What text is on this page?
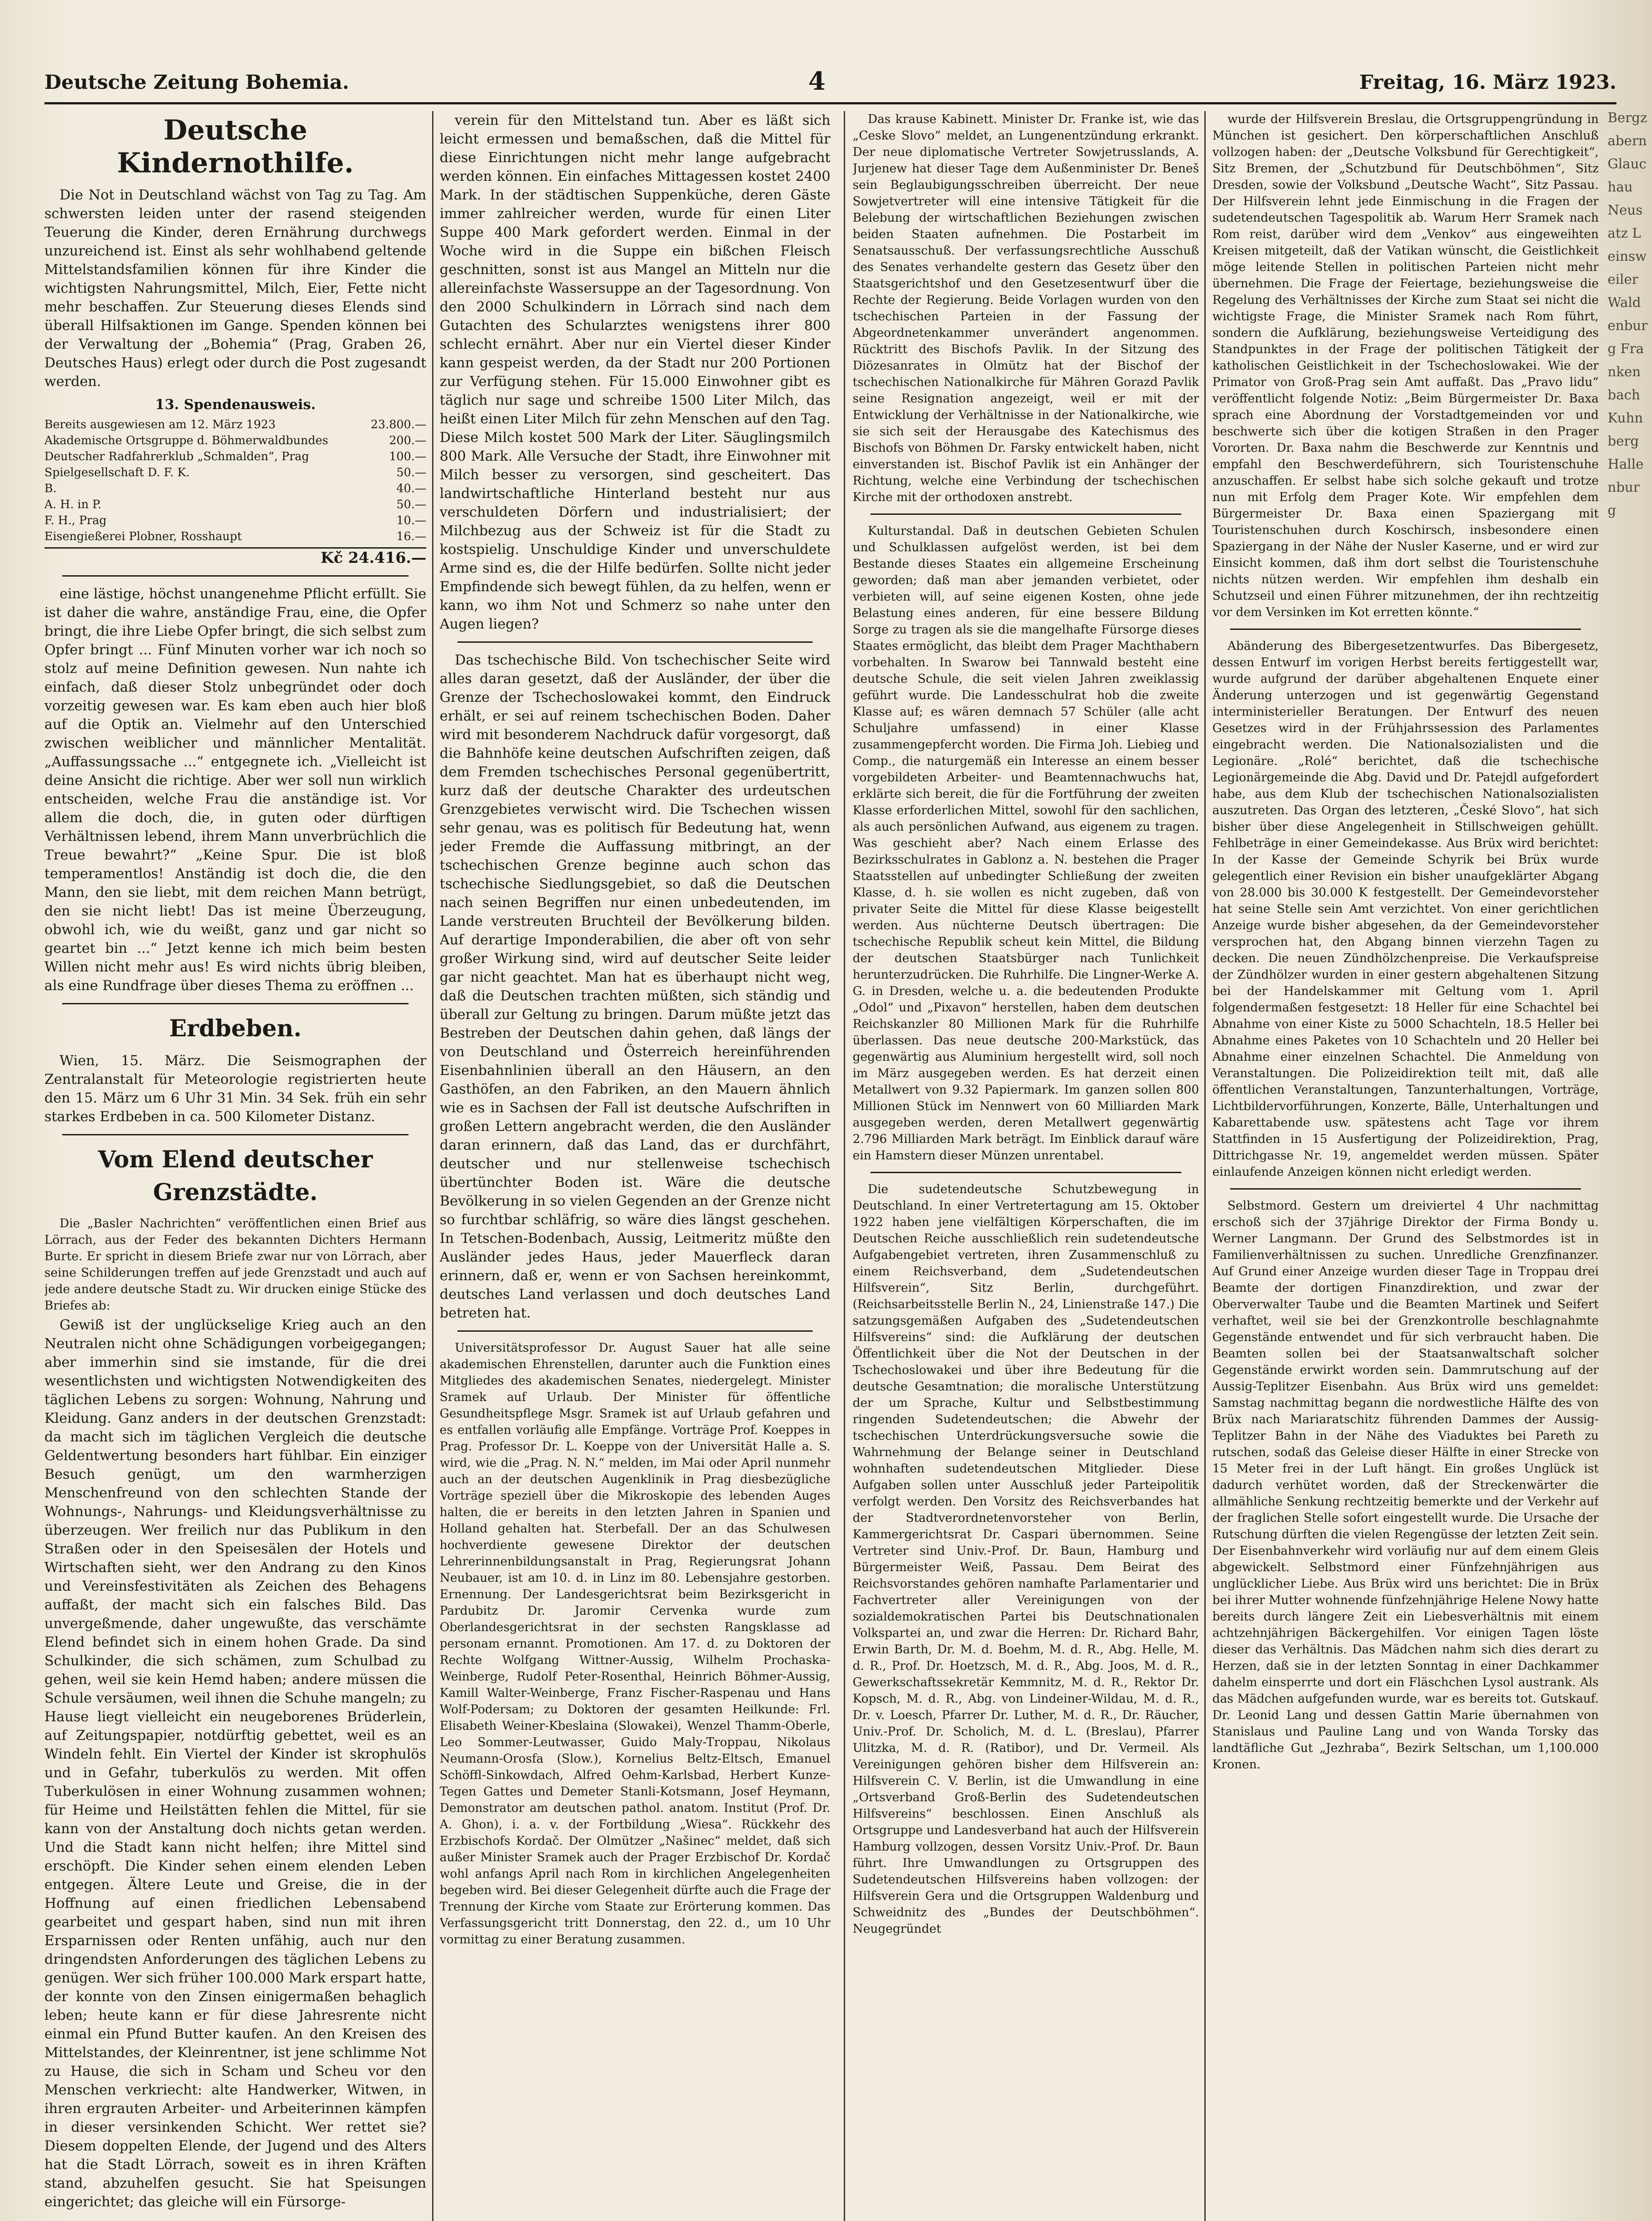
Deutsche Zeitung Bohemia.	4	Freitag, 16. März 1923.
Deutsche Kindernothilfe.
Die Not in Deutschland wächst von Tag zu Tag. Am schwersten leiden unter der rasend steigenden Teuerung die Kinder, deren Ernährung durchwegs unzureichend ist. Einst als sehr wohlhabend geltende Mittelstandsfamilien können für ihre Kinder die wichtigsten Nahrungsmittel, Milch, Eier, Fette nicht mehr beschaffen. Zur Steuerung dieses Elends sind überall Hilfsaktionen im Gange. Spenden können bei der Verwaltung der „Bohemia“ (Prag, Graben 26, Deutsches Haus) erlegt oder durch die Post zugesandt werden.
13. Spendenausweis.
Bereits ausgewiesen am 12. März 1923	23.800.—
Akademische Ortsgruppe d. Böhmerwaldbundes	200.—
Deutscher Radfahrerklub „Schmalden“, Prag	100.—
Spielgesellschaft D. F. K.	50.—
B.	40.—
A. H. in P.	50.—
F. H., Prag	10.—
Eisengießerei Plobner, Rosshaupt	16.—
Kč 24.416.—
eine lästige, höchst unangenehme Pflicht erfüllt. Sie ist daher die wahre, anständige Frau, eine, die Opfer bringt, die ihre Liebe Opfer bringt, die sich selbst zum Opfer bringt ... Fünf Minuten vorher war ich noch so stolz auf meine Definition gewesen. Nun nahte ich einfach, daß dieser Stolz unbegründet oder doch vorzeitig gewesen war. Es kam eben auch hier bloß auf die Optik an. Vielmehr auf den Unterschied zwischen weiblicher und männlicher Mentalität. „Auffassungssache ...“ entgegnete ich. „Vielleicht ist deine Ansicht die richtige. Aber wer soll nun wirklich entscheiden, welche Frau die anständige ist. Vor allem die doch, die, in guten oder dürftigen Verhältnissen lebend, ihrem Mann unverbrüchlich die Treue bewahrt?“ „Keine Spur. Die ist bloß temperamentlos! Anständig ist doch die, die den Mann, den sie liebt, mit dem reichen Mann betrügt, den sie nicht liebt! Das ist meine Überzeugung, obwohl ich, wie du weißt, ganz und gar nicht so geartet bin ...“ Jetzt kenne ich mich beim besten Willen nicht mehr aus! Es wird nichts übrig bleiben, als eine Rundfrage über dieses Thema zu eröffnen ...
Erdbeben.
Wien, 15. März. Die Seismographen der Zentralanstalt für Meteorologie registrierten heute den 15. März um 6 Uhr 31 Min. 34 Sek. früh ein sehr starkes Erdbeben in ca. 500 Kilometer Distanz.
Vom Elend deutscher Grenzstädte.
Die „Basler Nachrichten“ veröffentlichen einen Brief aus Lörrach, aus der Feder des bekannten Dichters Hermann Burte. Er spricht in diesem Briefe zwar nur von Lörrach, aber seine Schilderungen treffen auf jede Grenzstadt und auch auf jede andere deutsche Stadt zu. Wir drucken einige Stücke des Briefes ab:
Gewiß ist der unglückselige Krieg auch an den Neutralen nicht ohne Schädigungen vorbeigegangen; aber immerhin sind sie imstande, für die drei wesentlichsten und wichtigsten Notwendigkeiten des täglichen Lebens zu sorgen: Wohnung, Nahrung und Kleidung. Ganz anders in der deutschen Grenzstadt: da macht sich im täglichen Vergleich die deutsche Geldentwertung besonders hart fühlbar. Ein einziger Besuch genügt, um den warmherzigen Menschenfreund von den schlechten Stande der Wohnungs-, Nahrungs- und Kleidungsverhältnisse zu überzeugen. Wer freilich nur das Publikum in den Straßen oder in den Speisesälen der Hotels und Wirtschaften sieht, wer den Andrang zu den Kinos und Vereinsfestivitäten als Zeichen des Behagens auffaßt, der macht sich ein falsches Bild. Das unvergeßmende, daher ungewußte, das verschämte Elend befindet sich in einem hohen Grade. Da sind Schulkinder, die sich schämen, zum Schulbad zu gehen, weil sie kein Hemd haben; andere müssen die Schule versäumen, weil ihnen die Schuhe mangeln; zu Hause liegt vielleicht ein neugeborenes Brüderlein, auf Zeitungspapier, notdürftig gebettet, weil es an Windeln fehlt. Ein Viertel der Kinder ist skrophulös und in Gefahr, tuberkulös zu werden. Mit offen Tuberkulösen in einer Wohnung zusammen wohnen; für Heime und Heilstätten fehlen die Mittel, für sie kann von der Anstaltung doch nichts getan werden. Und die Stadt kann nicht helfen; ihre Mittel sind erschöpft. Die Kinder sehen einem elenden Leben entgegen. Ältere Leute und Greise, die in der Hoffnung auf einen friedlichen Lebensabend gearbeitet und gespart haben, sind nun mit ihren Ersparnissen oder Renten unfähig, auch nur den dringendsten Anforderungen des täglichen Lebens zu genügen. Wer sich früher 100.000 Mark erspart hatte, der konnte von den Zinsen einigermaßen behaglich leben; heute kann er für diese Jahresrente nicht einmal ein Pfund Butter kaufen. An den Kreisen des Mittelstandes, der Kleinrentner, ist jene schlimme Not zu Hause, die sich in Scham und Scheu vor den Menschen verkriecht: alte Handwerker, Witwen, in ihren ergrauten Arbeiter- und Arbeiterinnen kämpfen in dieser versinkenden Schicht. Wer rettet sie? Diesem doppelten Elende, der Jugend und des Alters hat die Stadt Lörrach, soweit es in ihren Kräften stand, abzuhelfen gesucht. Sie hat Speisungen eingerichtet; das gleiche will ein Fürsorge-
verein für den Mittelstand tun. Aber es läßt sich leicht ermessen und bemaßschen, daß die Mittel für diese Einrichtungen nicht mehr lange aufgebracht werden können. Ein einfaches Mittagessen kostet 2400 Mark. In der städtischen Suppenküche, deren Gäste immer zahlreicher werden, wurde für einen Liter Suppe 400 Mark gefordert werden. Einmal in der Woche wird in die Suppe ein bißchen Fleisch geschnitten, sonst ist aus Mangel an Mitteln nur die allereinfachste Wassersuppe an der Tagesordnung. Von den 2000 Schulkindern in Lörrach sind nach dem Gutachten des Schularztes wenigstens ihrer 800 schlecht ernährt. Aber nur ein Viertel dieser Kinder kann gespeist werden, da der Stadt nur 200 Portionen zur Verfügung stehen. Für 15.000 Einwohner gibt es täglich nur sage und schreibe 1500 Liter Milch, das heißt einen Liter Milch für zehn Menschen auf den Tag. Diese Milch kostet 500 Mark der Liter. Säuglingsmilch 800 Mark. Alle Versuche der Stadt, ihre Einwohner mit Milch besser zu versorgen, sind gescheitert. Das landwirtschaftliche Hinterland besteht nur aus verschuldeten Dörfern und industrialisiert; der Milchbezug aus der Schweiz ist für die Stadt zu kostspielig. Unschuldige Kinder und unverschuldete Arme sind es, die der Hilfe bedürfen. Sollte nicht jeder Empfindende sich bewegt fühlen, da zu helfen, wenn er kann, wo ihm Not und Schmerz so nahe unter den Augen liegen?
Das tschechische Bild. Von tschechischer Seite wird alles daran gesetzt, daß der Ausländer, der über die Grenze der Tschechoslowakei kommt, den Eindruck erhält, er sei auf reinem tschechischen Boden. Daher wird mit besonderem Nachdruck dafür vorgesorgt, daß die Bahnhöfe keine deutschen Aufschriften zeigen, daß dem Fremden tschechisches Personal gegenübertritt, kurz daß der deutsche Charakter des urdeutschen Grenzgebietes verwischt wird. Die Tschechen wissen sehr genau, was es politisch für Bedeutung hat, wenn jeder Fremde die Auffassung mitbringt, an der tschechischen Grenze beginne auch schon das tschechische Siedlungsgebiet, so daß die Deutschen nach seinen Begriffen nur einen unbedeutenden, im Lande verstreuten Bruchteil der Bevölkerung bilden. Auf derartige Imponderabilien, die aber oft von sehr großer Wirkung sind, wird auf deutscher Seite leider gar nicht geachtet. Man hat es überhaupt nicht weg, daß die Deutschen trachten müßten, sich ständig und überall zur Geltung zu bringen. Darum müßte jetzt das Bestreben der Deutschen dahin gehen, daß längs der von Deutschland und Österreich hereinführenden Eisenbahnlinien überall an den Häusern, an den Gasthöfen, an den Fabriken, an den Mauern ähnlich wie es in Sachsen der Fall ist deutsche Aufschriften in großen Lettern angebracht werden, die den Ausländer daran erinnern, daß das Land, das er durchfährt, deutscher und nur stellenweise tschechisch übertünchter Boden ist. Wäre die deutsche Bevölkerung in so vielen Gegenden an der Grenze nicht so furchtbar schläfrig, so wäre dies längst geschehen. In Tetschen-Bodenbach, Aussig, Leitmeritz müßte den Ausländer jedes Haus, jeder Mauerfleck daran erinnern, daß er, wenn er von Sachsen hereinkommt, deutsches Land verlassen und doch deutsches Land betreten hat.
Universitätsprofessor Dr. August Sauer hat alle seine akademischen Ehrenstellen, darunter auch die Funktion eines Mitgliedes des akademischen Senates, niedergelegt. Minister Sramek auf Urlaub. Der Minister für öffentliche Gesundheitspflege Msgr. Sramek ist auf Urlaub gefahren und es entfallen vorläufig alle Empfänge. Vorträge Prof. Koeppes in Prag. Professor Dr. L. Koeppe von der Universität Halle a. S. wird, wie die „Prag. N. N.“ melden, im Mai oder April nunmehr auch an der deutschen Augenklinik in Prag diesbezügliche Vorträge speziell über die Mikroskopie des lebenden Auges halten, die er bereits in den letzten Jahren in Spanien und Holland gehalten hat. Sterbefall. Der an das Schulwesen hochverdiente gewesene Direktor der deutschen Lehrerinnenbildungsanstalt in Prag, Regierungsrat Johann Neubauer, ist am 10. d. in Linz im 80. Lebensjahre gestorben. Ernennung. Der Landesgerichtsrat beim Bezirksgericht in Pardubitz Dr. Jaromir Cervenka wurde zum Oberlandesgerichtsrat in der sechsten Rangsklasse ad personam ernannt. Promotionen. Am 17. d. zu Doktoren der Rechte Wolfgang Wittner-Aussig, Wilhelm Prochaska-Weinberge, Rudolf Peter-Rosenthal, Heinrich Böhmer-Aussig, Kamill Walter-Weinberge, Franz Fischer-Raspenau und Hans Wolf-Podersam; zu Doktoren der gesamten Heilkunde: Frl. Elisabeth Weiner-Kbeslaina (Slowakei), Wenzel Thamm-Oberle, Leo Sommer-Leutwasser, Guido Maly-Troppau, Nikolaus Neumann-Orosfa (Slow.), Kornelius Beltz-Eltsch, Emanuel Schöffl-Sinkowdach, Alfred Oehm-Karlsbad, Herbert Kunze-Tegen Gattes und Demeter Stanli-Kotsmann, Josef Heymann, Demonstrator am deutschen pathol. anatom. Institut (Prof. Dr. A. Ghon), i. a. v. der Fortbildung „Wiesa“. Rückkehr des Erzbischofs Kordač. Der Olmützer „Našinec“ meldet, daß sich außer Minister Sramek auch der Prager Erzbischof Dr. Kordač wohl anfangs April nach Rom in kirchlichen Angelegenheiten begeben wird. Bei dieser Gelegenheit dürfte auch die Frage der Trennung der Kirche vom Staate zur Erörterung kommen. Das Verfassungsgericht tritt Donnerstag, den 22. d., um 10 Uhr vormittag zu einer Beratung zusammen.
Das krause Kabinett. Minister Dr. Franke ist, wie das „Ceske Slovo“ meldet, an Lungenentzündung erkrankt. Der neue diplomatische Vertreter Sowjetrusslands, A. Jurjenew hat dieser Tage dem Außenminister Dr. Beneš sein Beglaubigungsschreiben überreicht. Der neue Sowjetvertreter will eine intensive Tätigkeit für die Belebung der wirtschaftlichen Beziehungen zwischen beiden Staaten aufnehmen. Die Postarbeit im Senatsausschuß. Der verfassungsrechtliche Ausschuß des Senates verhandelte gestern das Gesetz über den Staatsgerichtshof und den Gesetzesentwurf über die Rechte der Regierung. Beide Vorlagen wurden von den tschechischen Parteien in der Fassung der Abgeordnetenkammer unverändert angenommen. Rücktritt des Bischofs Pavlik. In der Sitzung des Diözesanrates in Olmütz hat der Bischof der tschechischen Nationalkirche für Mähren Gorazd Pavlik seine Resignation angezeigt, weil er mit der Entwicklung der Verhältnisse in der Nationalkirche, wie sie sich seit der Herausgabe des Katechismus des Bischofs von Böhmen Dr. Farsky entwickelt haben, nicht einverstanden ist. Bischof Pavlik ist ein Anhänger der Richtung, welche eine Verbindung der tschechischen Kirche mit der orthodoxen anstrebt.
Kulturstandal. Daß in deutschen Gebieten Schulen und Schulklassen aufgelöst werden, ist bei dem Bestande dieses Staates ein allgemeine Erscheinung geworden; daß man aber jemanden verbietet, oder verbieten will, auf seine eigenen Kosten, ohne jede Belastung eines anderen, für eine bessere Bildung Sorge zu tragen als sie die mangelhafte Fürsorge dieses Staates ermöglicht, das bleibt dem Prager Machthabern vorbehalten. In Swarow bei Tannwald besteht eine deutsche Schule, die seit vielen Jahren zweiklassig geführt wurde. Die Landesschulrat hob die zweite Klasse auf; es wären demnach 57 Schüler (alle acht Schuljahre umfassend) in einer Klasse zusammengepfercht worden. Die Firma Joh. Liebieg und Comp., die naturgemäß ein Interesse an einem besser vorgebildeten Arbeiter- und Beamtennachwuchs hat, erklärte sich bereit, die für die Fortführung der zweiten Klasse erforderlichen Mittel, sowohl für den sachlichen, als auch persönlichen Aufwand, aus eigenem zu tragen. Was geschieht aber? Nach einem Erlasse des Bezirksschulrates in Gablonz a. N. bestehen die Prager Staatsstellen auf unbedingter Schließung der zweiten Klasse, d. h. sie wollen es nicht zugeben, daß von privater Seite die Mittel für diese Klasse beigestellt werden. Aus nüchterne Deutsch übertragen: Die tschechische Republik scheut kein Mittel, die Bildung der deutschen Staatsbürger nach Tunlichkeit herunterzudrücken. Die Ruhrhilfe. Die Lingner-Werke A. G. in Dresden, welche u. a. die bedeutenden Produkte „Odol“ und „Pixavon“ herstellen, haben dem deutschen Reichskanzler 80 Millionen Mark für die Ruhrhilfe überlassen. Das neue deutsche 200-Markstück, das gegenwärtig aus Aluminium hergestellt wird, soll noch im März ausgegeben werden. Es hat derzeit einen Metallwert von 9.32 Papiermark. Im ganzen sollen 800 Millionen Stück im Nennwert von 60 Milliarden Mark ausgegeben werden, deren Metallwert gegenwärtig 2.796 Milliarden Mark beträgt. Im Einblick darauf wäre ein Hamstern dieser Münzen unrentabel.
Die sudetendeutsche Schutzbewegung in Deutschland. In einer Vertretertagung am 15. Oktober 1922 haben jene vielfältigen Körperschaften, die im Deutschen Reiche ausschließlich rein sudetendeutsche Aufgabengebiet vertreten, ihren Zusammenschluß zu einem Reichsverband, dem „Sudetendeutschen Hilfsverein“, Sitz Berlin, durchgeführt. (Reichsarbeitsstelle Berlin N., 24, Linienstraße 147.) Die satzungsgemäßen Aufgaben des „Sudetendeutschen Hilfsvereins“ sind: die Aufklärung der deutschen Öffentlichkeit über die Not der Deutschen in der Tschechoslowakei und über ihre Bedeutung für die deutsche Gesamtnation; die moralische Unterstützung der um Sprache, Kultur und Selbstbestimmung ringenden Sudetendeutschen; die Abwehr der tschechischen Unterdrückungsversuche sowie die Wahrnehmung der Belange seiner in Deutschland wohnhaften sudetendeutschen Mitglieder. Diese Aufgaben sollen unter Ausschluß jeder Parteipolitik verfolgt werden. Den Vorsitz des Reichsverbandes hat der Stadtverordnetenvorsteher von Berlin, Kammergerichtsrat Dr. Caspari übernommen. Seine Vertreter sind Univ.-Prof. Dr. Baun, Hamburg und Bürgermeister Weiß, Passau. Dem Beirat des Reichsvorstandes gehören namhafte Parlamentarier und Fachvertreter aller Vereinigungen von der sozialdemokratischen Partei bis Deutschnationalen Volkspartei an, und zwar die Herren: Dr. Richard Bahr, Erwin Barth, Dr. M. d. Boehm, M. d. R., Abg. Helle, M. d. R., Prof. Dr. Hoetzsch, M. d. R., Abg. Joos, M. d. R., Gewerkschaftssekretär Kemmnitz, M. d. R., Rektor Dr. Kopsch, M. d. R., Abg. von Lindeiner-Wildau, M. d. R., Dr. v. Loesch, Pfarrer Dr. Luther, M. d. R., Dr. Räucher, Univ.-Prof. Dr. Scholich, M. d. L. (Breslau), Pfarrer Ulitzka, M. d. R. (Ratibor), und Dr. Vermeil. Als Vereinigungen gehören bisher dem Hilfsverein an: Hilfsverein C. V. Berlin, ist die Umwandlung in eine „Ortsverband Groß-Berlin des Sudetendeutschen Hilfsvereins“ beschlossen. Einen Anschluß als Ortsgruppe und Landesverband hat auch der Hilfsverein Hamburg vollzogen, dessen Vorsitz Univ.-Prof. Dr. Baun führt. Ihre Umwandlungen zu Ortsgruppen des Sudetendeutschen Hilfsvereins haben vollzogen: der Hilfsverein Gera und die Ortsgruppen Waldenburg und Schweidnitz des „Bundes der Deutschböhmen“. Neugegründet
wurde der Hilfsverein Breslau, die Ortsgruppengründung in München ist gesichert. Den körperschaftlichen Anschluß vollzogen haben: der „Deutsche Volksbund für Gerechtigkeit“, Sitz Bremen, der „Schutzbund für Deutschböhmen“, Sitz Dresden, sowie der Volksbund „Deutsche Wacht“, Sitz Passau. Der Hilfsverein lehnt jede Einmischung in die Fragen der sudetendeutschen Tagespolitik ab. Warum Herr Sramek nach Rom reist, darüber wird dem „Venkov“ aus eingeweihten Kreisen mitgeteilt, daß der Vatikan wünscht, die Geistlichkeit möge leitende Stellen in politischen Parteien nicht mehr übernehmen. Die Frage der Feiertage, beziehungsweise die Regelung des Verhältnisses der Kirche zum Staat sei nicht die wichtigste Frage, die Minister Sramek nach Rom führt, sondern die Aufklärung, beziehungsweise Verteidigung des Standpunktes in der Frage der politischen Tätigkeit der katholischen Geistlichkeit in der Tschechoslowakei. Wie der Primator von Groß-Prag sein Amt auffaßt. Das „Pravo lidu“ veröffentlicht folgende Notiz: „Beim Bürgermeister Dr. Baxa sprach eine Abordnung der Vorstadtgemeinden vor und beschwerte sich über die kotigen Straßen in den Prager Vororten. Dr. Baxa nahm die Beschwerde zur Kenntnis und empfahl den Beschwerdeführern, sich Touristenschuhe anzuschaffen. Er selbst habe sich solche gekauft und trotze nun mit Erfolg dem Prager Kote. Wir empfehlen dem Bürgermeister Dr. Baxa einen Spaziergang mit Touristenschuhen durch Koschirsch, insbesondere einen Spaziergang in der Nähe der Nusler Kaserne, und er wird zur Einsicht kommen, daß ihm dort selbst die Touristenschuhe nichts nützen werden. Wir empfehlen ihm deshalb ein Schutzseil und einen Führer mitzunehmen, der ihn rechtzeitig vor dem Versinken im Kot erretten könnte.“
Abänderung des Bibergesetzentwurfes. Das Bibergesetz, dessen Entwurf im vorigen Herbst bereits fertiggestellt war, wurde aufgrund der darüber abgehaltenen Enquete einer Änderung unterzogen und ist gegenwärtig Gegenstand interministerieller Beratungen. Der Entwurf des neuen Gesetzes wird in der Frühjahrssession des Parlamentes eingebracht werden. Die Nationalsozialisten und die Legionäre. „Rolé“ berichtet, daß die tschechische Legionärgemeinde die Abg. David und Dr. Patejdl aufgefordert habe, aus dem Klub der tschechischen Nationalsozialisten auszutreten. Das Organ des letzteren, „České Slovo“, hat sich bisher über diese Angelegenheit in Stillschweigen gehüllt. Fehlbeträge in einer Gemeindekasse. Aus Brüx wird berichtet: In der Kasse der Gemeinde Schyrik bei Brüx wurde gelegentlich einer Revision ein bisher unaufgeklärter Abgang von 28.000 bis 30.000 K festgestellt. Der Gemeindevorsteher hat seine Stelle sein Amt verzichtet. Von einer gerichtlichen Anzeige wurde bisher abgesehen, da der Gemeindevorsteher versprochen hat, den Abgang binnen vierzehn Tagen zu decken. Die neuen Zündhölzchenpreise. Die Verkaufspreise der Zündhölzer wurden in einer gestern abgehaltenen Sitzung bei der Handelskammer mit Geltung vom 1. April folgendermaßen festgesetzt: 18 Heller für eine Schachtel bei Abnahme von einer Kiste zu 5000 Schachteln, 18.5 Heller bei Abnahme eines Paketes von 10 Schachteln und 20 Heller bei Abnahme einer einzelnen Schachtel. Die Anmeldung von Veranstaltungen. Die Polizeidirektion teilt mit, daß alle öffentlichen Veranstaltungen, Tanzunterhaltungen, Vorträge, Lichtbildervorführungen, Konzerte, Bälle, Unterhaltungen und Kabarettabende usw. spätestens acht Tage vor ihrem Stattfinden in 15 Ausfertigung der Polizeidirektion, Prag, Dittrichgasse Nr. 19, angemeldet werden müssen. Später einlaufende Anzeigen können nicht erledigt werden.
Selbstmord. Gestern um dreiviertel 4 Uhr nachmittag erschoß sich der 37jährige Direktor der Firma Bondy u. Werner Langmann. Der Grund des Selbstmordes ist in Familienverhältnissen zu suchen. Unredliche Grenzfinanzer. Auf Grund einer Anzeige wurden dieser Tage in Troppau drei Beamte der dortigen Finanzdirektion, und zwar der Oberverwalter Taube und die Beamten Martinek und Seifert verhaftet, weil sie bei der Grenzkontrolle beschlagnahmte Gegenstände entwendet und für sich verbraucht haben. Die Beamten sollen bei der Staatsanwaltschaft solcher Gegenstände erwirkt worden sein. Dammrutschung auf der Aussig-Teplitzer Eisenbahn. Aus Brüx wird uns gemeldet: Samstag nachmittag begann die nordwestliche Hälfte des von Brüx nach Mariaratschitz führenden Dammes der Aussig-Teplitzer Bahn in der Nähe des Viaduktes bei Pareth zu rutschen, sodaß das Geleise dieser Hälfte in einer Strecke von 15 Meter frei in der Luft hängt. Ein großes Unglück ist dadurch verhütet worden, daß der Streckenwärter die allmähliche Senkung rechtzeitig bemerkte und der Verkehr auf der fraglichen Stelle sofort eingestellt wurde. Die Ursache der Rutschung dürften die vielen Regengüsse der letzten Zeit sein. Der Eisenbahnverkehr wird vorläufig nur auf dem einem Gleis abgewickelt. Selbstmord einer Fünfzehnjährigen aus unglücklicher Liebe. Aus Brüx wird uns berichtet: Die in Brüx bei ihrer Mutter wohnende fünfzehnjährige Helene Nowy hatte bereits durch längere Zeit ein Liebesverhältnis mit einem achtzehnjährigen Bäckergehilfen. Vor einigen Tagen löste dieser das Verhältnis. Das Mädchen nahm sich dies derart zu Herzen, daß sie in der letzten Sonntag in einer Dachkammer dahelm einsperrte und dort ein Fläschchen Lysol austrank. Als das Mädchen aufgefunden wurde, war es bereits tot. Gutskauf. Dr. Leonid Lang und dessen Gattin Marie übernahmen von Stanislaus und Pauline Lang und von Wanda Torsky das landtäfliche Gut „Jezhraba“, Bezirk Seltschan, um 1,100.000 Kronen.
Bergzabern Glauchau Neusatz Leinsweiler Waldenburg Frankenbach Kuhnberg Hallenburg
